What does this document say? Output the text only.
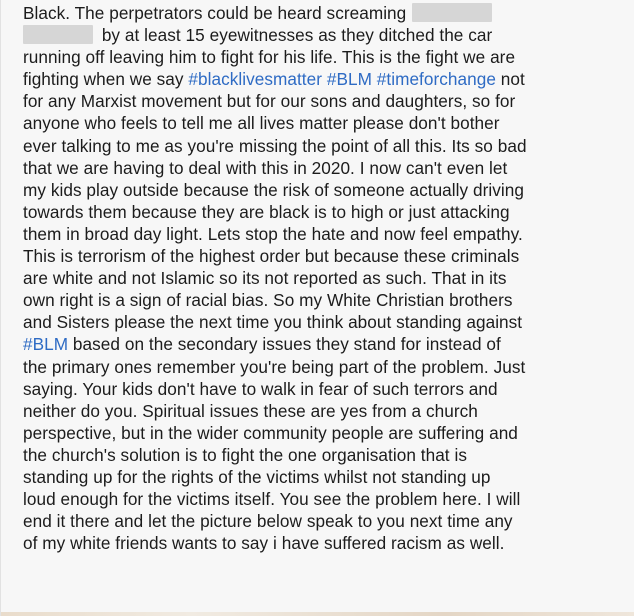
Black. The perpetrators could be heard screaming
by at least 15 eyewitnesses as they ditched the car
running off leaving him to fight for his life. This is the fight we are
fighting when we say #blacklivesmatter #BLM #timeforchange not
for any Marxist movement but for our sons and daughters, so for
anyone who feels to tell me all lives matter please don't bother
ever talking to me as you're missing the point of all this. Its so bad
that we are having to deal with this in 2020. I now can't even let
my kids play outside because the risk of someone actually driving
towards them because they are black is to high or just attacking
them in broad day light. Lets stop the hate and now feel empathy.
This is terrorism of the highest order but because these criminals
are white and not Islamic so its not reported as such. That in its
own right is a sign of racial bias. So my White Christian brothers
and Sisters please the next time you think about standing against
#BLM based on the secondary issues they stand for instead of
the primary ones remember you're being part of the problem. Just
saying. Your kids don't have to walk in fear of such terrors and
neither do you. Spiritual issues these are yes from a church
perspective, but in the wider community people are suffering and
the church's solution is to fight the one organisation that is
standing up for the rights of the victims whilst not standing up
loud enough for the victims itself. You see the problem here. I will
end it there and let the picture below speak to you next time any
of my white friends wants to say i have suffered racism as well.
